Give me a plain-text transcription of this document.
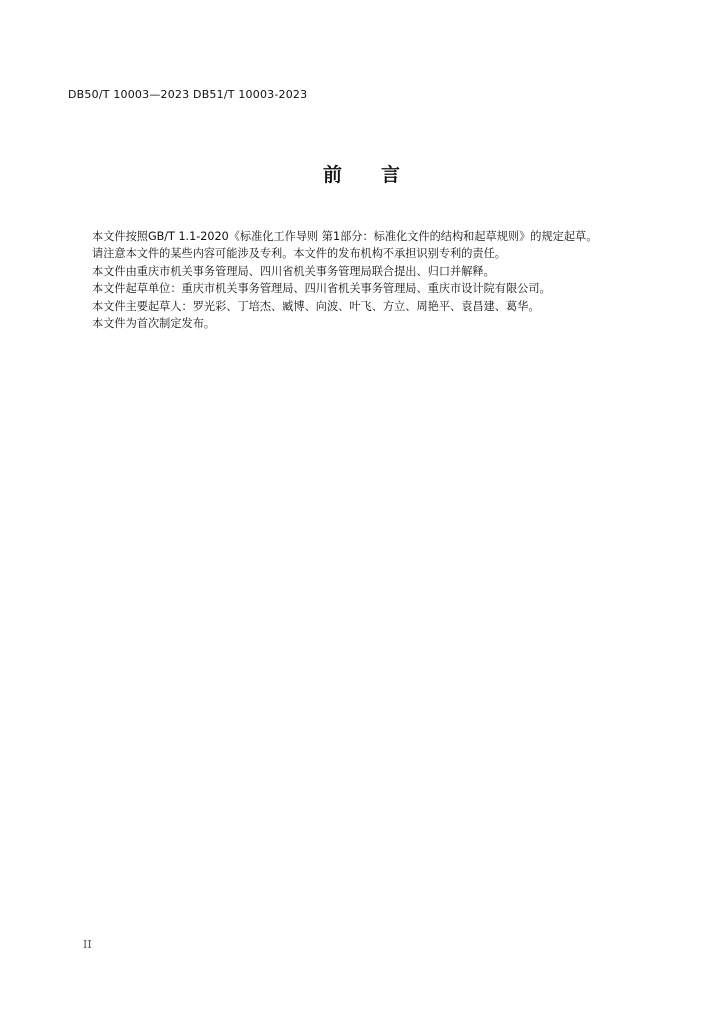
DB50/T 10003—2023 DB51/T 10003-2023
前 言

本文件按照GB/T 1.1-2020《标准化工作导则 第1部分：标准化文件的结构和起草规则》的规定起草。

请注意本文件的某些内容可能涉及专利。本文件的发布机构不承担识别专利的责任。

本文件由重庆市机关事务管理局、四川省机关事务管理局联合提出、归口并解释。

本文件起草单位：重庆市机关事务管理局、四川省机关事务管理局、重庆市设计院有限公司。

本文件主要起草人：罗光彩、丁培杰、臧博、向波、叶飞、方立、周艳平、袁昌建、葛华。

本文件为首次制定发布。

II
